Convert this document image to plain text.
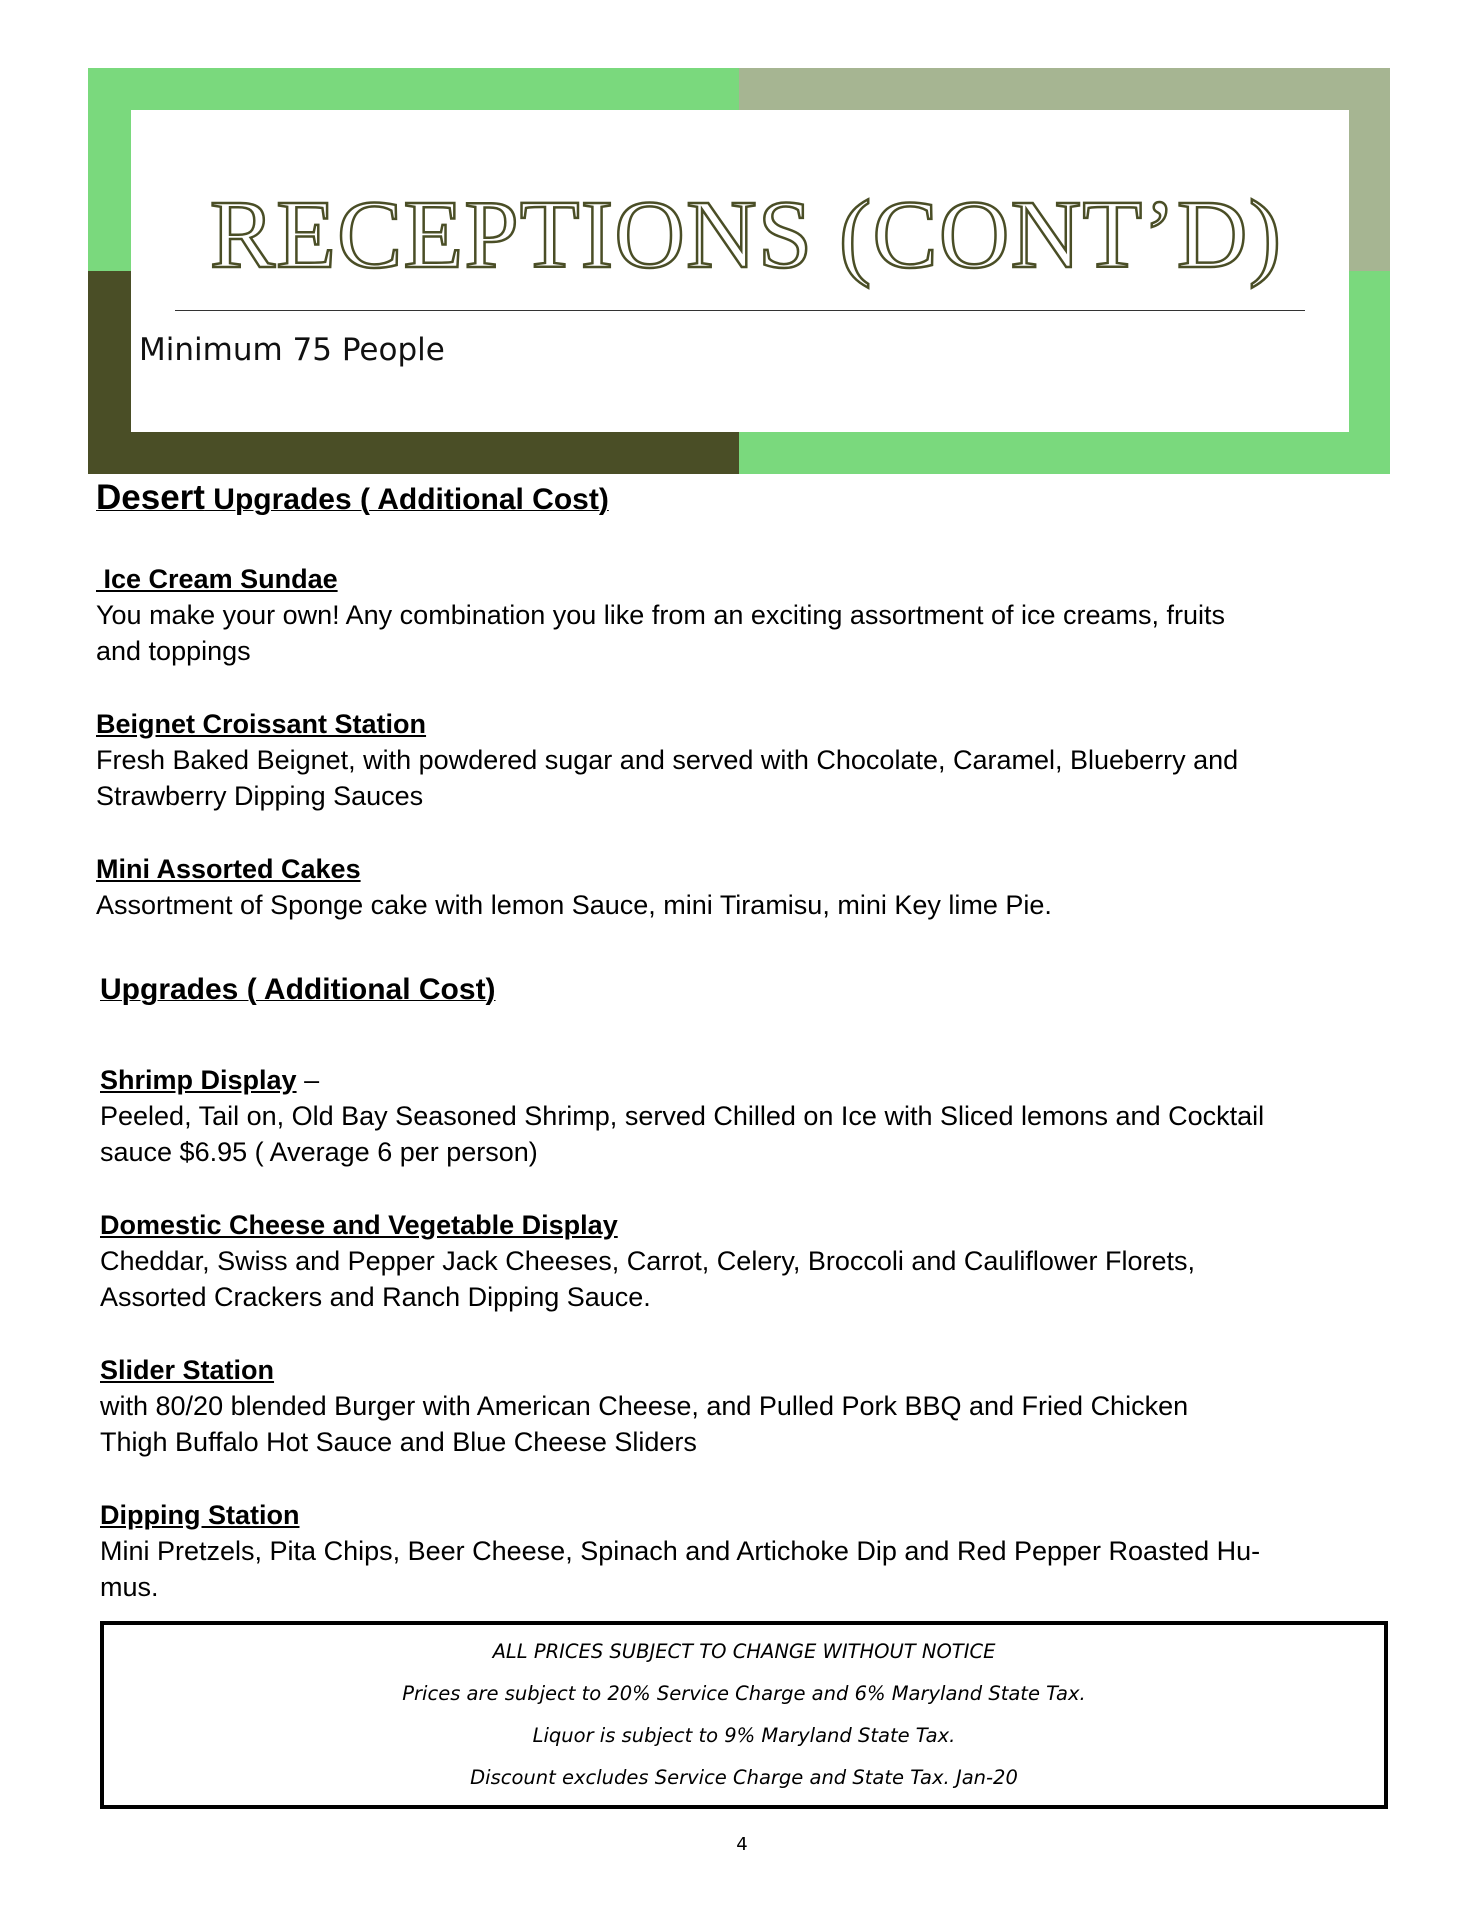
RECEPTIONS (CONT’D)
Minimum 75 People
Desert Upgrades ( Additional Cost)
Ice Cream Sundae
You make your own! Any combination you like from an exciting assortment of ice creams, fruits
and toppings
Beignet Croissant Station
Fresh Baked Beignet, with powdered sugar and served with Chocolate, Caramel, Blueberry and
Strawberry Dipping Sauces
Mini Assorted Cakes
Assortment of Sponge cake with lemon Sauce, mini Tiramisu, mini Key lime Pie.
Upgrades ( Additional Cost)
Shrimp Display –
Peeled, Tail on, Old Bay Seasoned Shrimp, served Chilled on Ice with Sliced lemons and Cocktail
sauce $6.95 ( Average 6 per person)
Domestic Cheese and Vegetable Display
Cheddar, Swiss and Pepper Jack Cheeses, Carrot, Celery, Broccoli and Cauliflower Florets,
Assorted Crackers and Ranch Dipping Sauce.
Slider Station
with 80/20 blended Burger with American Cheese, and Pulled Pork BBQ and Fried Chicken
Thigh Buffalo Hot Sauce and Blue Cheese Sliders
Dipping Station
Mini Pretzels, Pita Chips, Beer Cheese, Spinach and Artichoke Dip and Red Pepper Roasted Hu-
mus.
ALL PRICES SUBJECT TO CHANGE WITHOUT NOTICE
Prices are subject to 20% Service Charge and 6% Maryland State Tax.
Liquor is subject to 9% Maryland State Tax.
Discount excludes Service Charge and State Tax. Jan-20
4
